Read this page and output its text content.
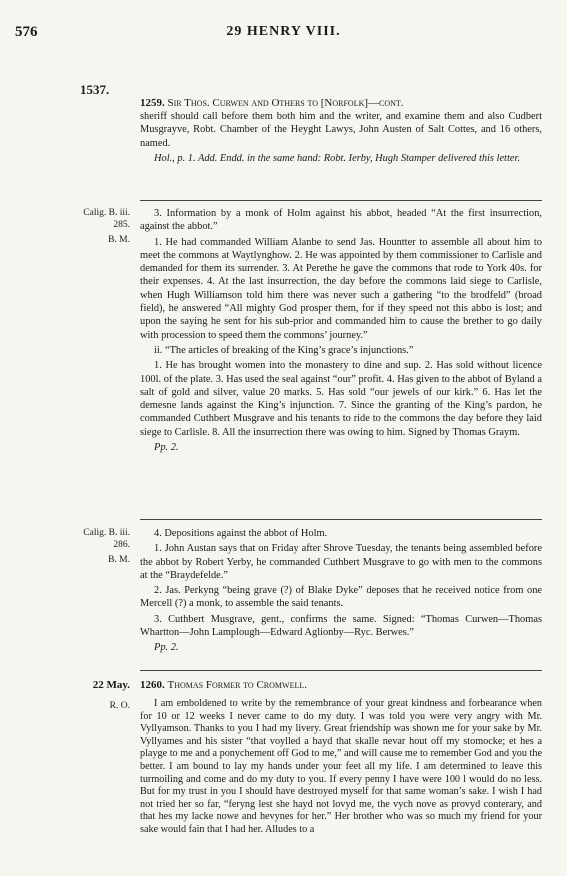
576	29 HENRY VIII.
1537.
1259. Sir Thos. Curwen and Others to [Norfolk]—cont.

sheriff should call before them both him and the writer, and examine them and also Cudbert Musgrayve, Robt. Chamber of the Heyght Lawys, John Austen of Salt Cottes, and 16 others, named.

Hol., p. 1. Add. Endd. in the same hand: Robt. Ierby, Hugh Stamper delivered this letter.

Calig. B. iii.
285.
B. M.

3. Information by a monk of Holm against his abbot, headed “At the first insurrection, against the abbot.”

1. He had commanded William Alanbe to send Jas. Hountter to assemble all about him to meet the commons at Waytlynghow. 2. He was appointed by them commissioner to Carlisle and demanded for them its surrender. 3. At Perethe he gave the commons that rode to York 40s. for their expenses. 4. At the last insurrection, the day before the commons laid siege to Carlisle, when Hugh Williamson told him there was never such a gathering “to the brodfeld” (broad field), he answered “All mighty God prosper them, for if they speed not this abbo is lost; and upon the saying he sent for his sub-prior and commanded him to cause the brether to go daily with procession to speed them the commons’ journey.”

ii. “The articles of breaking of the King’s grace’s injunctions.”

1. He has brought women into the monastery to dine and sup. 2. Has sold without licence 100l. of the plate. 3. Has used the seal against “our” profit. 4. Has given to the abbot of Byland a salt of gold and silver, value 20 marks. 5. Has sold “our jewels of our kirk.” 6. Has let the demesne lands against the King’s injunction. 7. Since the granting of the King’s pardon, he commanded Cuthbert Musgrave and his tenants to ride to the commons the day before they laid siege to Carlisle. 8. All the insurrection there was owing to him. Signed by Thomas Graym.

Pp. 2.
Calig. B. iii.
286.
B. M.

4. Depositions against the abbot of Holm.

1. John Austan says that on Friday after Shrove Tuesday, the tenants being assembled before the abbot by Robert Yerby, he commanded Cuthbert Musgrave to go with men to the commons at the “Braydefelde.”

2. Jas. Perkyng “being grave (?) of Blake Dyke” deposes that he received notice from one Mercell (?) a monk, to assemble the said tenants.

3. Cuthbert Musgrave, gent., confirms the same. Signed: “Thomas Curwen—Thomas Whartton—John Lamplough—Edward Aglionby—Ryc. Berwes.”

Pp. 2.
22 May.
R. O.
1260. Thomas Former to Cromwell.

I am emboldened to write by the remembrance of your great kindness and forbearance when for 10 or 12 weeks I never came to do my duty. I was told you were very angry with Mr. Vyllyamson. Thanks to you I had my livery. Great friendship was shown me for your sake by Mr. Vyllyames and his sister “that voylled a hayd that skalle nevar hout off my stomocke; et hes a playge to me and a ponychement off God to me,” and will cause me to remember God and you the better. I am bound to lay my hands under your feet all my life. I am determined to leave this turmoiling and come and do my duty to you. If every penny I have were 100 l would do no less. But for my trust in you I should have destroyed myself for that same woman’s sake. I wish I had not tried her so far, “feryng lest she hayd not lovyd me, the vych nove as provyd conterary, and that hes my lacke nowe and hevynes for her.” Her brother who was so much my friend for your sake would fain that I had her. Alludes to a
